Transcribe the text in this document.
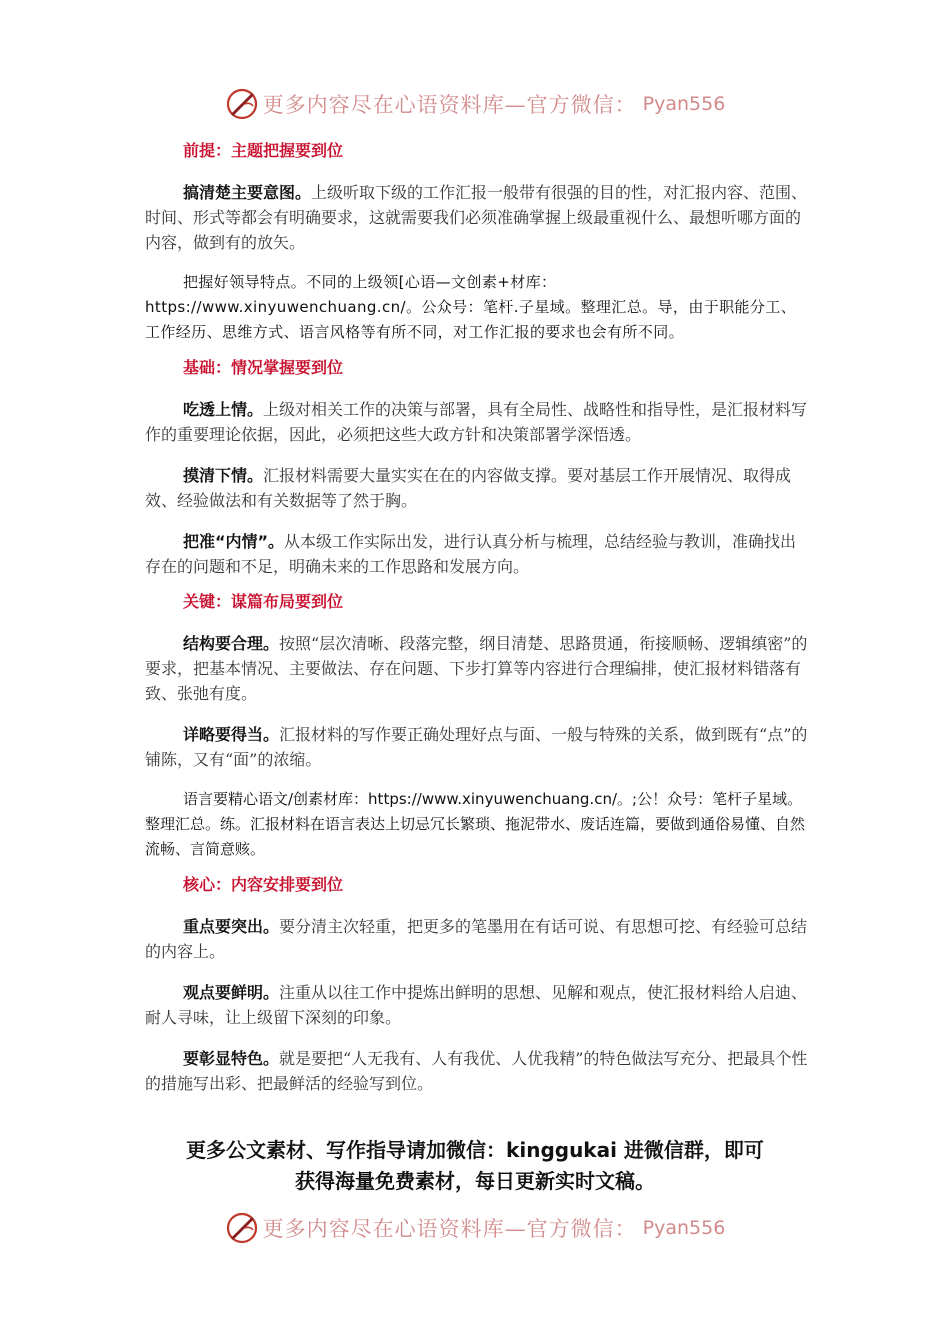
更多内容尽在心语资料库—官方微信： Pyan556
前提：主题把握要到位

搞清楚主要意图。上级听取下级的工作汇报一般带有很强的目的性，对汇报内容、范围、时间、形式等都会有明确要求，这就需要我们必须准确掌握上级最重视什么、最想听哪方面的内容，做到有的放矢。

把握好领导特点。不同的上级领[心语—文创素+材库：https://www.xinyuwenchuang.cn/。公众号：笔杆.子星域。整理汇总。导，由于职能分工、工作经历、思维方式、语言风格等有所不同，对工作汇报的要求也会有所不同。

基础：情况掌握要到位

吃透上情。上级对相关工作的决策与部署，具有全局性、战略性和指导性，是汇报材料写作的重要理论依据，因此，必须把这些大政方针和决策部署学深悟透。

摸清下情。汇报材料需要大量实实在在的内容做支撑。要对基层工作开展情况、取得成效、经验做法和有关数据等了然于胸。

把准“内情”。从本级工作实际出发，进行认真分析与梳理，总结经验与教训，准确找出存在的问题和不足，明确未来的工作思路和发展方向。

关键：谋篇布局要到位

结构要合理。按照“层次清晰、段落完整，纲目清楚、思路贯通，衔接顺畅、逻辑缜密”的要求，把基本情况、主要做法、存在问题、下步打算等内容进行合理编排，使汇报材料错落有致、张弛有度。

详略要得当。汇报材料的写作要正确处理好点与面、一般与特殊的关系，做到既有“点”的铺陈，又有“面”的浓缩。

语言要精心语文/创素材库：https://www.xinyuwenchuang.cn/。;公！众号：笔杆子星域。整理汇总。练。汇报材料在语言表达上切忌冗长繁琐、拖泥带水、废话连篇，要做到通俗易懂、自然流畅、言简意赅。

核心：内容安排要到位

重点要突出。要分清主次轻重，把更多的笔墨用在有话可说、有思想可挖、有经验可总结的内容上。

观点要鲜明。注重从以往工作中提炼出鲜明的思想、见解和观点，使汇报材料给人启迪、耐人寻味，让上级留下深刻的印象。

要彰显特色。就是要把“人无我有、人有我优、人优我精”的特色做法写充分、把最具个性的措施写出彩、把最鲜活的经验写到位。

更多公文素材、写作指导请加微信：kinggukai 进微信群，即可
获得海量免费素材，每日更新实时文稿。
更多内容尽在心语资料库—官方微信： Pyan556
